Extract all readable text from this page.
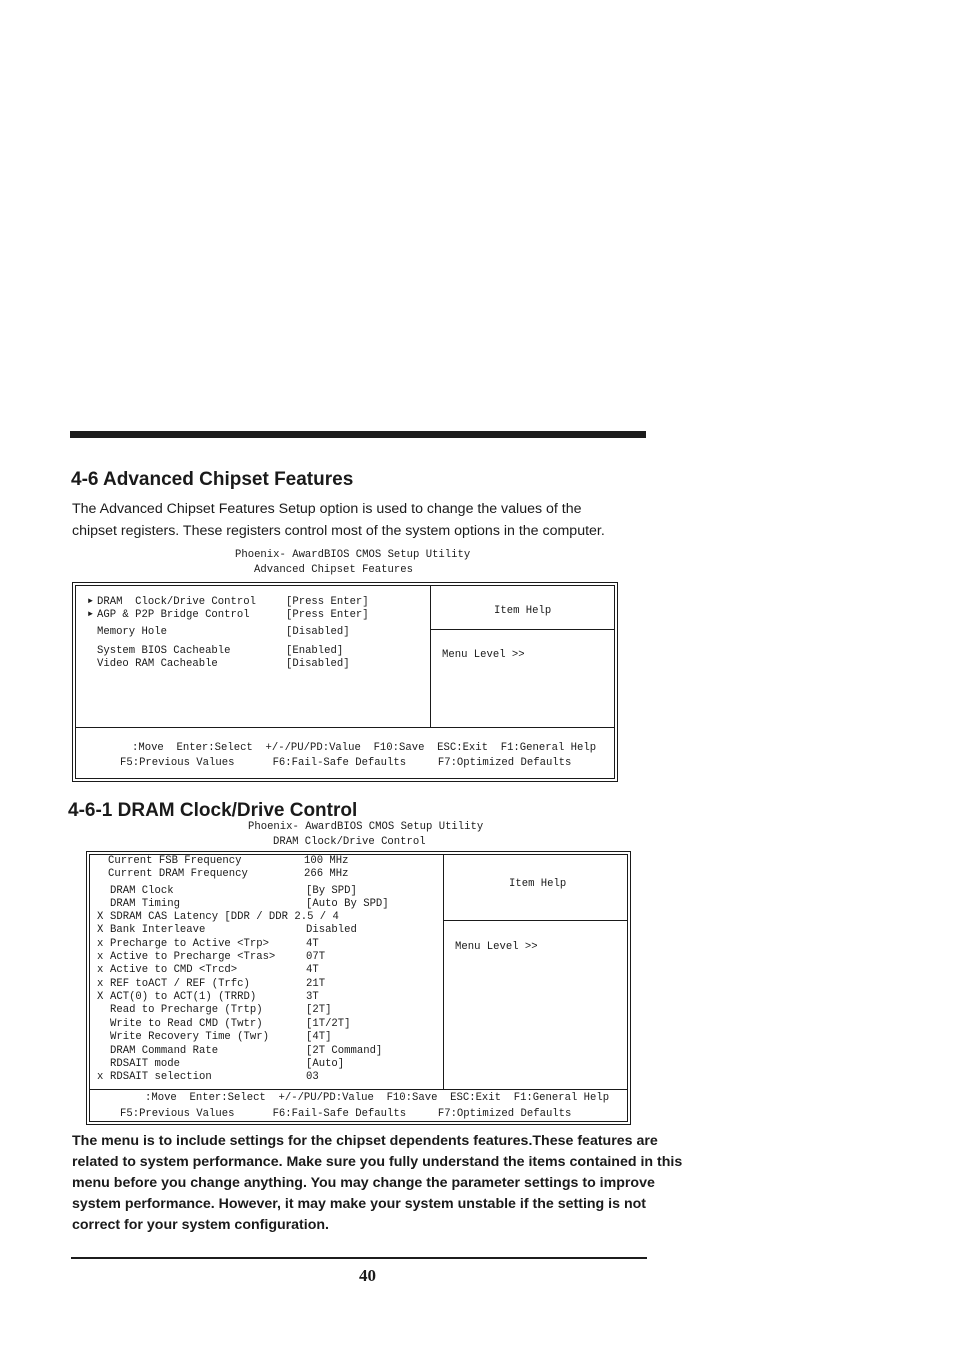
4-6 Advanced Chipset Features
The Advanced Chipset Features Setup option is used to change the values of the
chipset registers. These registers control most of the system options in the computer.
Phoenix- AwardBIOS CMOS Setup Utility
Advanced Chipset Features
► DRAM  Clock/Drive Control	[Press Enter]
► AGP & P2P Bridge Control	[Press Enter]
Memory Hole	[Disabled]
System BIOS Cacheable	[Enabled]
Video RAM Cacheable	[Disabled]
Item Help
Menu Level >>
:Move  Enter:Select  +/-/PU/PD:Value  F10:Save  ESC:Exit  F1:General Help
F5:Previous Values      F6:Fail-Safe Defaults     F7:Optimized Defaults
4-6-1 DRAM Clock/Drive Control
Phoenix- AwardBIOS CMOS Setup Utility
DRAM Clock/Drive Control
Current FSB Frequency	100 MHz
Current DRAM Frequency	266 MHz
DRAM Clock	[By SPD]
DRAM Timing	[Auto By SPD]
X SDRAM CAS Latency [DDR / DDR 2.5 / 4
X Bank Interleave	Disabled
x Precharge to Active <Trp>	4T
x Active to Precharge <Tras>	07T
x Active to CMD <Trcd>	4T
x REF toACT / REF (Trfc)	21T
X ACT(0) to ACT(1) (TRRD)	3T
Read to Precharge (Trtp)	[2T]
Write to Read CMD (Twtr)	[1T/2T]
Write Recovery Time (Twr)	[4T]
DRAM Command Rate	[2T Command]
RDSAIT mode	[Auto]
x RDSAIT selection	03
Item Help
Menu Level >>
:Move  Enter:Select  +/-/PU/PD:Value  F10:Save  ESC:Exit  F1:General Help
F5:Previous Values      F6:Fail-Safe Defaults     F7:Optimized Defaults
The menu is to include settings for the chipset dependents features.These features are
related to system performance. Make sure you fully understand the items contained in this
menu before you change anything. You may change the parameter settings to improve
system performance. However, it may make your system unstable if the setting is not
correct for your system configuration.
40
